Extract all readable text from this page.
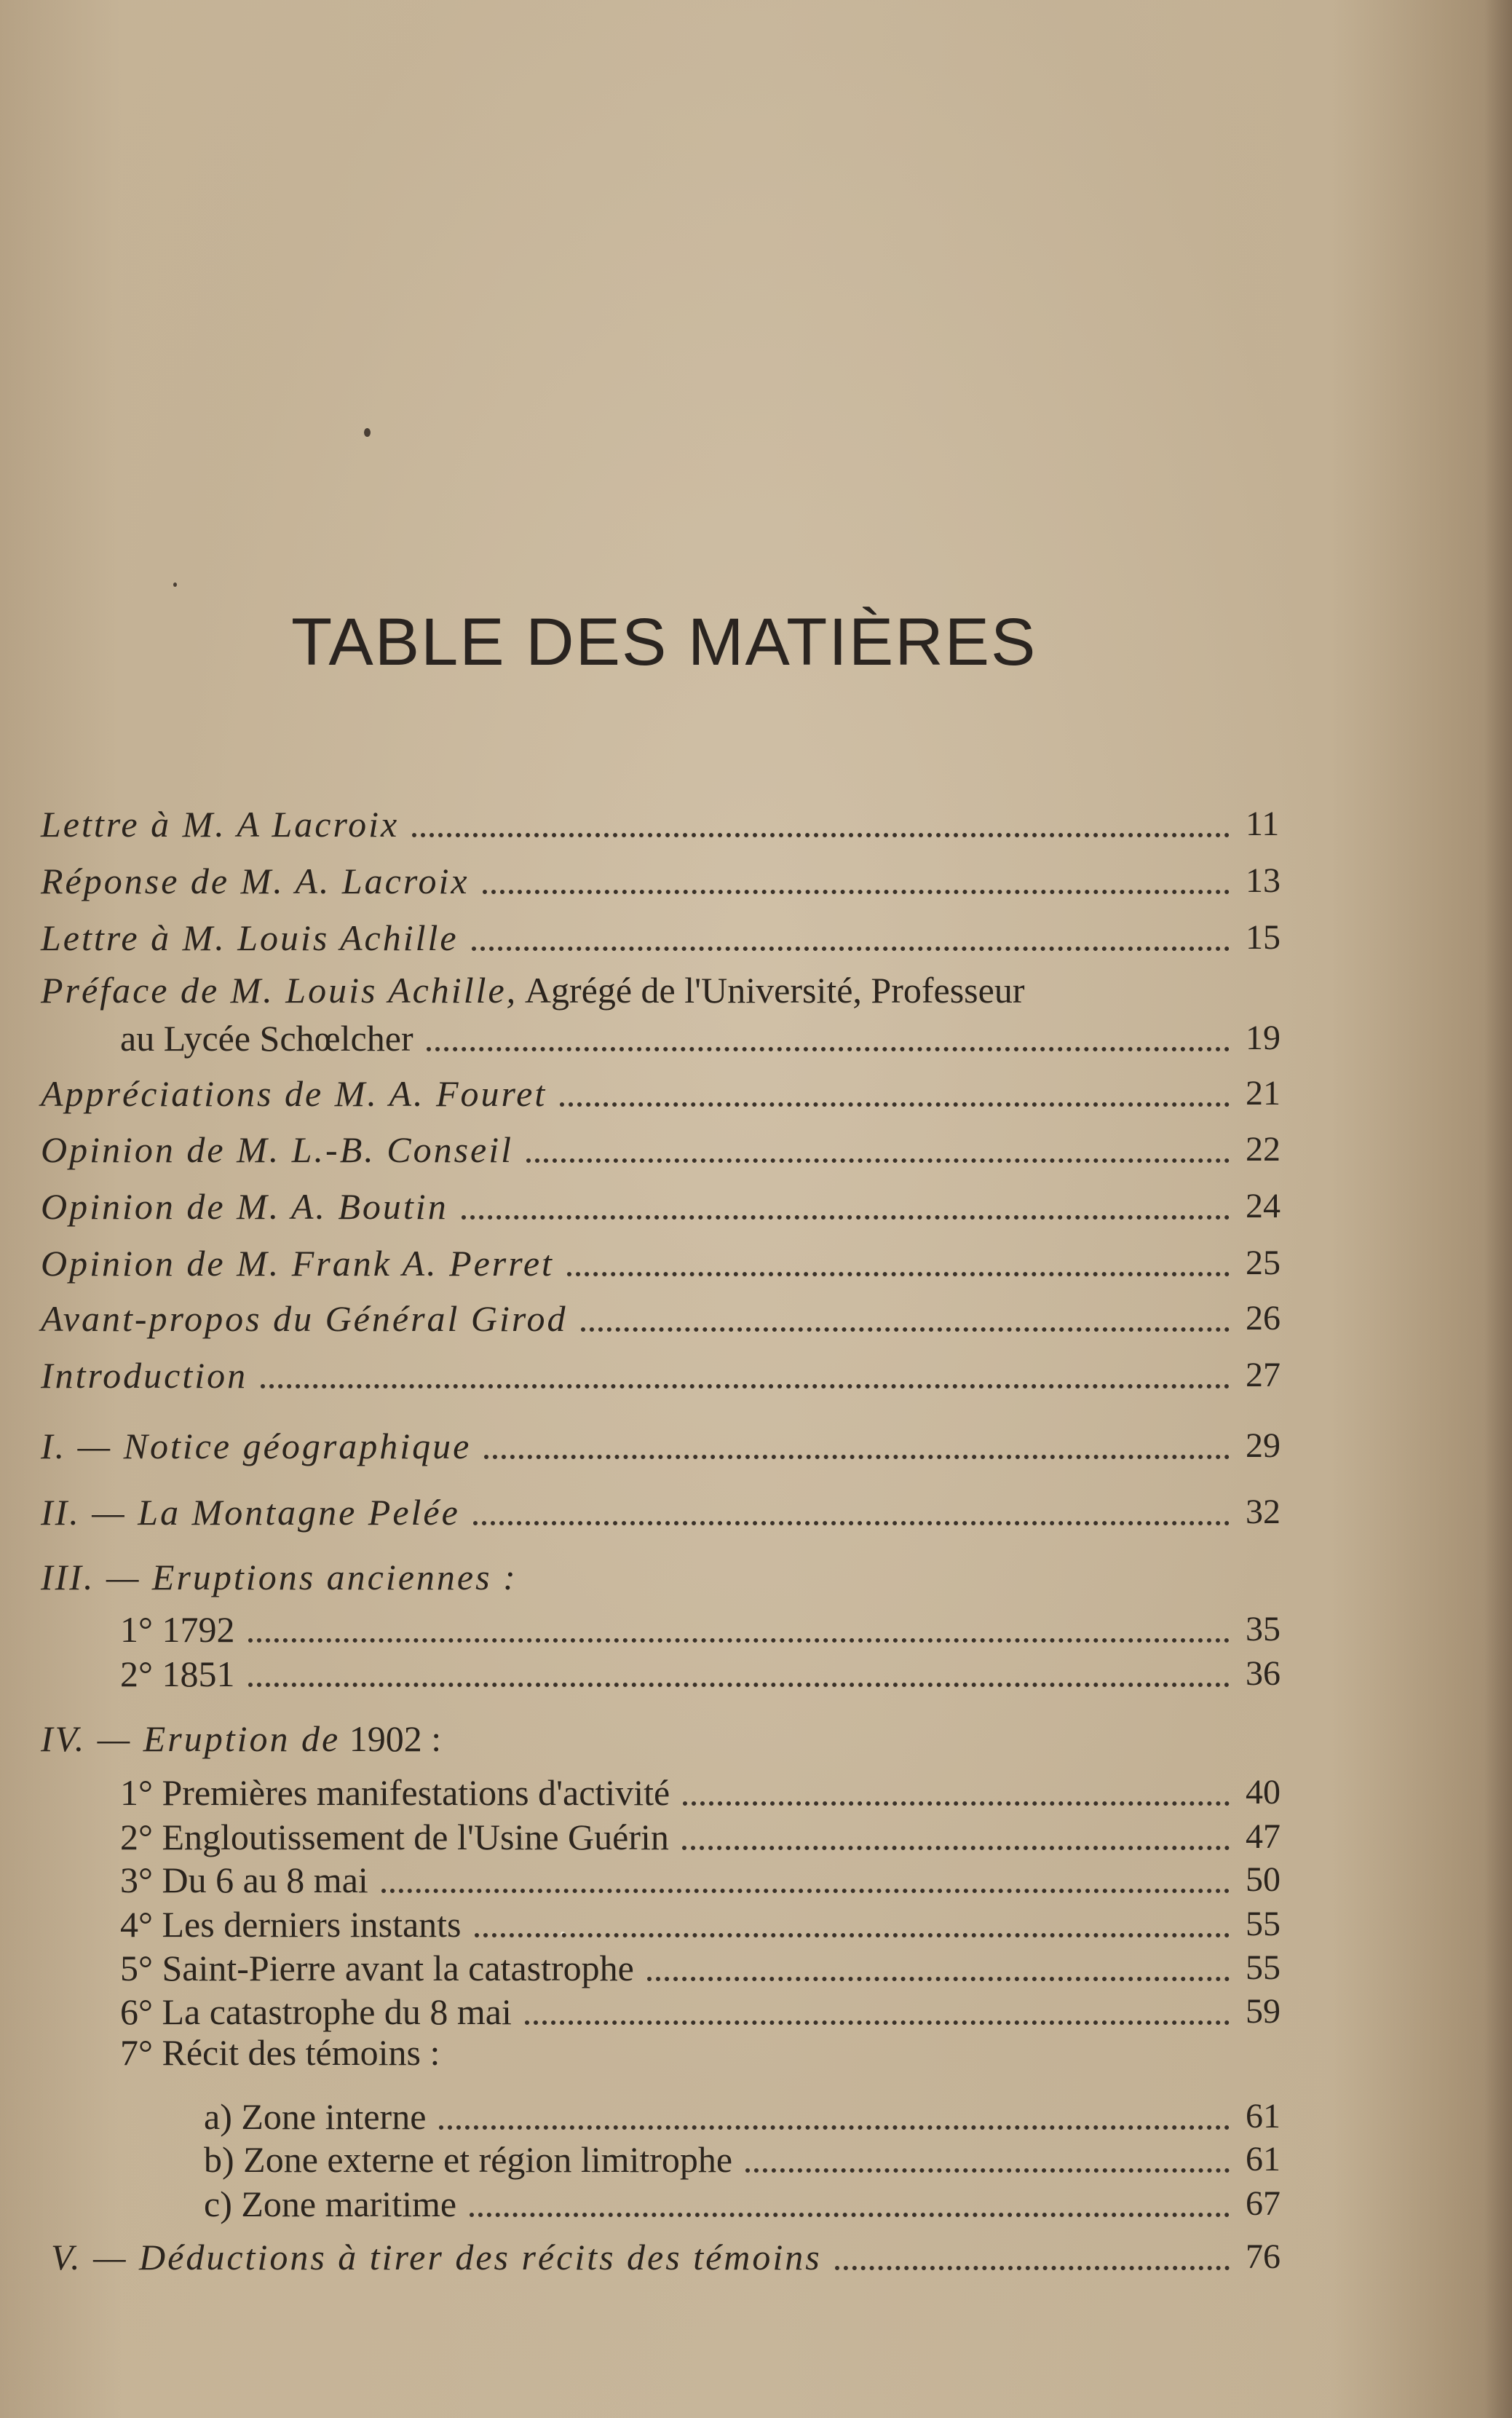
TABLE DES MATIÈRES
Lettre à M. A Lacroix	11
Réponse de M. A. Lacroix	13
Lettre à M. Louis Achille	15
Préface de M. Louis Achille, Agrégé de l'Université, Professeur
au Lycée Schœlcher	19
Appréciations de M. A. Fouret	21
Opinion de M. L.-B. Conseil	22
Opinion de M. A. Boutin	24
Opinion de M. Frank A. Perret	25
Avant-propos du Général Girod	26
Introduction	27
I. — Notice géographique	29
II. — La Montagne Pelée	32
III. — Eruptions anciennes :
1° 1792	35
2° 1851	36
IV. — Eruption de 1902 :
1° Premières manifestations d'activité	40
2° Engloutissement de l'Usine Guérin	47
3° Du 6 au 8 mai	50
4° Les derniers instants	55
5° Saint-Pierre avant la catastrophe	55
6° La catastrophe du 8 mai	59
7° Récit des témoins :
a) Zone interne	61
b) Zone externe et région limitrophe	61
c) Zone maritime	67
V. — Déductions à tirer des récits des témoins	76
